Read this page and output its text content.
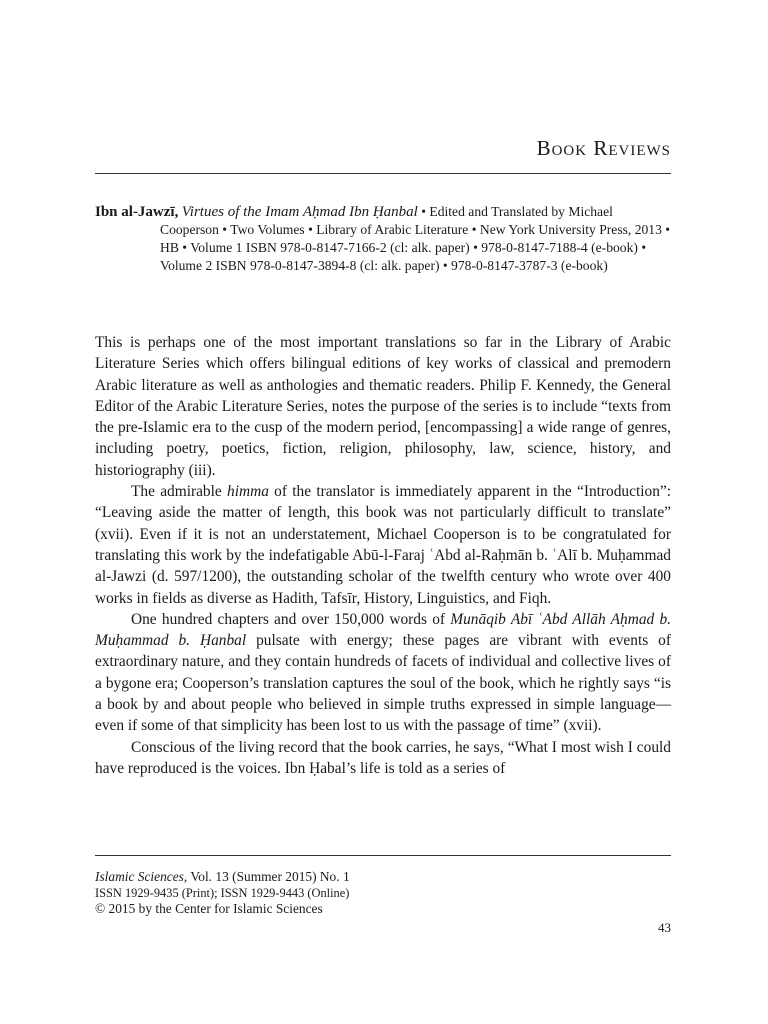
Book Reviews
Ibn al-Jawzī, Virtues of the Imam Aḥmad Ibn Ḥanbal • Edited and Translated by Michael Cooperson • Two Volumes • Library of Arabic Literature • New York University Press, 2013 • HB • Volume 1 ISBN 978-0-8147-7166-2 (cl: alk. paper) • 978-0-8147-7188-4 (e-book) • Volume 2 ISBN 978-0-8147-3894-8 (cl: alk. paper) • 978-0-8147-3787-3 (e-book)

This is perhaps one of the most important translations so far in the Library of Arabic Literature Series which offers bilingual editions of key works of classical and premodern Arabic literature as well as anthologies and thematic readers. Philip F. Kennedy, the General Editor of the Arabic Literature Series, notes the purpose of the series is to include “texts from the pre-Islamic era to the cusp of the modern period, [encompassing] a wide range of genres, including poetry, poetics, fiction, religion, philosophy, law, science, history, and historiography (iii).

The admirable himma of the translator is immediately apparent in the “Introduction”: “Leaving aside the matter of length, this book was not particularly difficult to translate” (xvii). Even if it is not an understatement, Michael Cooperson is to be congratulated for translating this work by the indefatigable Abū-l-Faraj ʿAbd al-Raḥmān b. ʿAlī b. Muḥammad al-Jawzi (d. 597/1200), the outstanding scholar of the twelfth century who wrote over 400 works in fields as diverse as Hadith, Tafsīr, History, Linguistics, and Fiqh.

One hundred chapters and over 150,000 words of Munāqib Abī ʿAbd Allāh Aḥmad b. Muḥammad b. Ḥanbal pulsate with energy; these pages are vibrant with events of extraordinary nature, and they contain hundreds of facets of individual and collective lives of a bygone era; Cooperson’s translation captures the soul of the book, which he rightly says “is a book by and about people who believed in simple truths expressed in simple language—even if some of that simplicity has been lost to us with the passage of time” (xvii).

Conscious of the living record that the book carries, he says, “What I most wish I could have reproduced is the voices. Ibn Ḥabal’s life is told as a series of

Islamic Sciences, Vol. 13 (Summer 2015) No. 1
ISSN 1929-9435 (Print); ISSN 1929-9443 (Online)
© 2015 by the Center for Islamic Sciences
43
